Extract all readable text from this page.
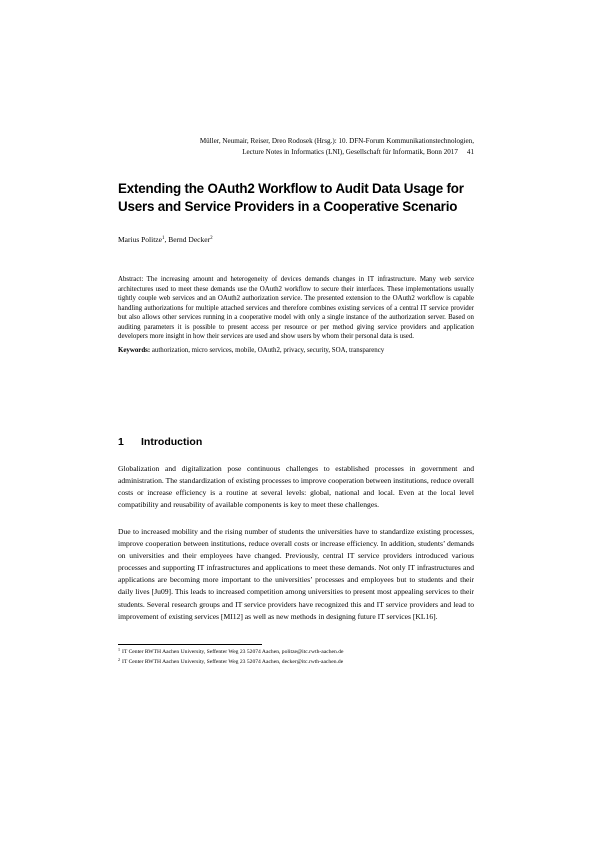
Müller, Neumair, Reiser, Dreo Rodosek (Hrsg.): 10. DFN-Forum Kommunikationstechnologien,
Lecture Notes in Informatics (LNI), Gesellschaft für Informatik, Bonn 2017 41
Extending the OAuth2 Workflow to Audit Data Usage for
Users and Service Providers in a Cooperative Scenario
Marius Politze$^1$, Bernd Decker$^2$
Abstract: The increasing amount and heterogeneity of devices demands changes in IT infrastructure. Many web service architectures used to meet these demands use the OAuth2 workflow to secure their interfaces. These implementations usually tightly couple web services and an OAuth2 authorization service. The presented extension to the OAuth2 workflow is capable handling authorizations for multiple attached services and therefore combines existing services of a central IT service provider but also allows other services running in a cooperative model with only a single instance of the authorization server. Based on auditing parameters it is possible to present access per resource or per method giving service providers and application developers more insight in how their services are used and show users by whom their personal data is used.
Keywords: authorization, micro services, mobile, OAuth2, privacy, security, SOA, transparency
1 Introduction
Globalization and digitalization pose continuous challenges to established processes in government and administration. The standardization of existing processes to improve cooperation between institutions, reduce overall costs or increase efficiency is a routine at several levels: global, national and local. Even at the local level compatibility and reusability of available components is key to meet these challenges.
Due to increased mobility and the rising number of students the universities have to standardize existing processes, improve cooperation between institutions, reduce overall costs or increase efficiency. In addition, students’ demands on universities and their employees have changed. Previously, central IT service providers introduced various processes and supporting IT infrastructures and applications to meet these demands. Not only IT infrastructures and applications are becoming more important to the universities’ processes and employees but to students and their daily lives [Ju09]. This leads to increased competition among universities to present most appealing services to their students. Several research groups and IT service providers have recognized this and IT service providers and lead to improvement of existing services [MI12] as well as new methods in designing future IT services [KL16].
$^1$ IT Center RWTH Aachen University, Seffenter Weg 23 52074 Aachen, politze@itc.rwth-aachen.de
$^2$ IT Center RWTH Aachen University, Seffenter Weg 23 52074 Aachen, decker@itc.rwth-aachen.de
